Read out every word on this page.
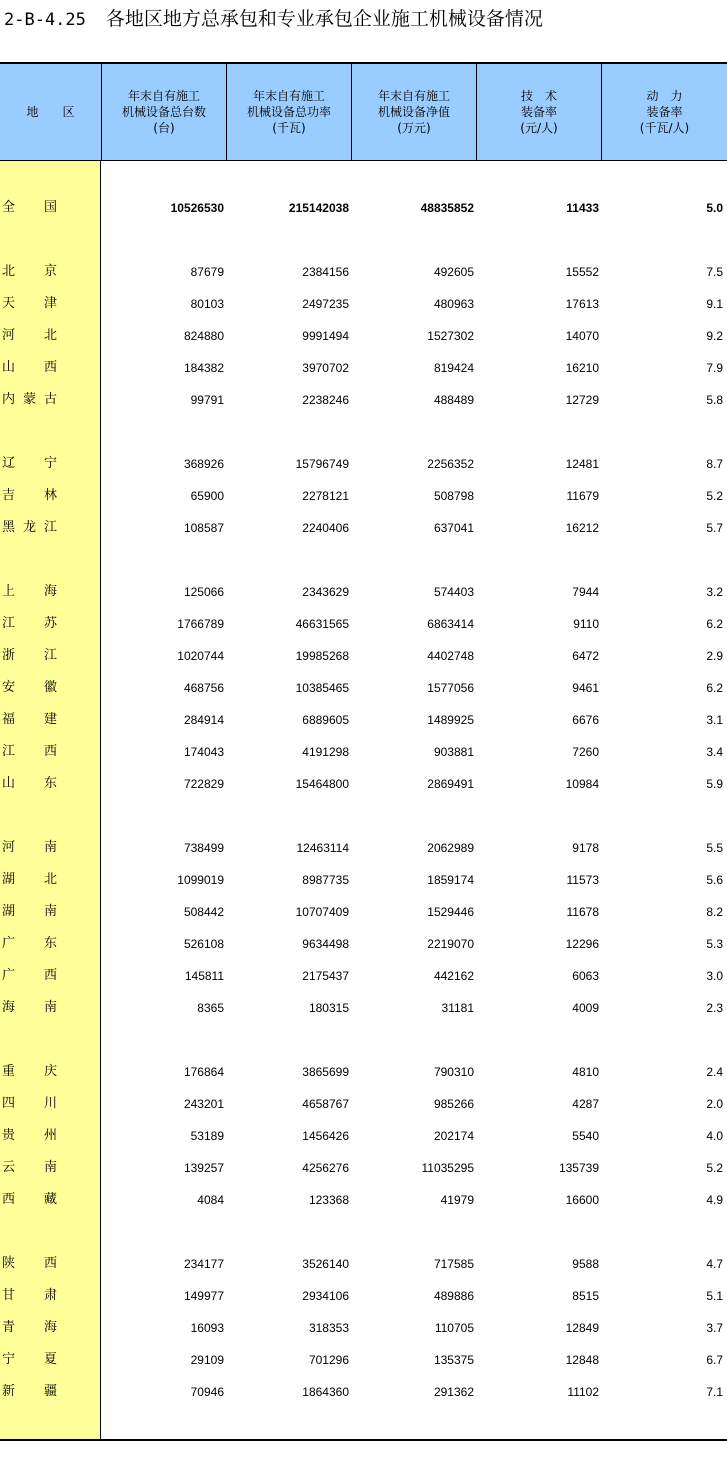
2-B-4.25 各地区地方总承包和专业承包企业施工机械设备情况
地　　区
年末自有施工
机械设备总台数
(台)
年末自有施工
机械设备总功率
(千瓦)
年末自有施工
机械设备净值
(万元)
技　术
装备率
(元/人)
动　力
装备率
(千瓦/人)
全 国	10526530	215142038	48835852	11433	5.0
北 京	87679	2384156	492605	15552	7.5
天 津	80103	2497235	480963	17613	9.1
河 北	824880	9991494	1527302	14070	9.2
山 西	184382	3970702	819424	16210	7.9
内 蒙 古	99791	2238246	488489	12729	5.8
辽 宁	368926	15796749	2256352	12481	8.7
吉 林	65900	2278121	508798	11679	5.2
黑 龙 江	108587	2240406	637041	16212	5.7
上 海	125066	2343629	574403	7944	3.2
江 苏	1766789	46631565	6863414	9110	6.2
浙 江	1020744	19985268	4402748	6472	2.9
安 徽	468756	10385465	1577056	9461	6.2
福 建	284914	6889605	1489925	6676	3.1
江 西	174043	4191298	903881	7260	3.4
山 东	722829	15464800	2869491	10984	5.9
河 南	738499	12463114	2062989	9178	5.5
湖 北	1099019	8987735	1859174	11573	5.6
湖 南	508442	10707409	1529446	11678	8.2
广 东	526108	9634498	2219070	12296	5.3
广 西	145811	2175437	442162	6063	3.0
海 南	8365	180315	31181	4009	2.3
重 庆	176864	3865699	790310	4810	2.4
四 川	243201	4658767	985266	4287	2.0
贵 州	53189	1456426	202174	5540	4.0
云 南	139257	4256276	11035295	135739	5.2
西 藏	4084	123368	41979	16600	4.9
陕 西	234177	3526140	717585	9588	4.7
甘 肃	149977	2934106	489886	8515	5.1
青 海	16093	318353	110705	12849	3.7
宁 夏	29109	701296	135375	12848	6.7
新 疆	70946	1864360	291362	11102	7.1
